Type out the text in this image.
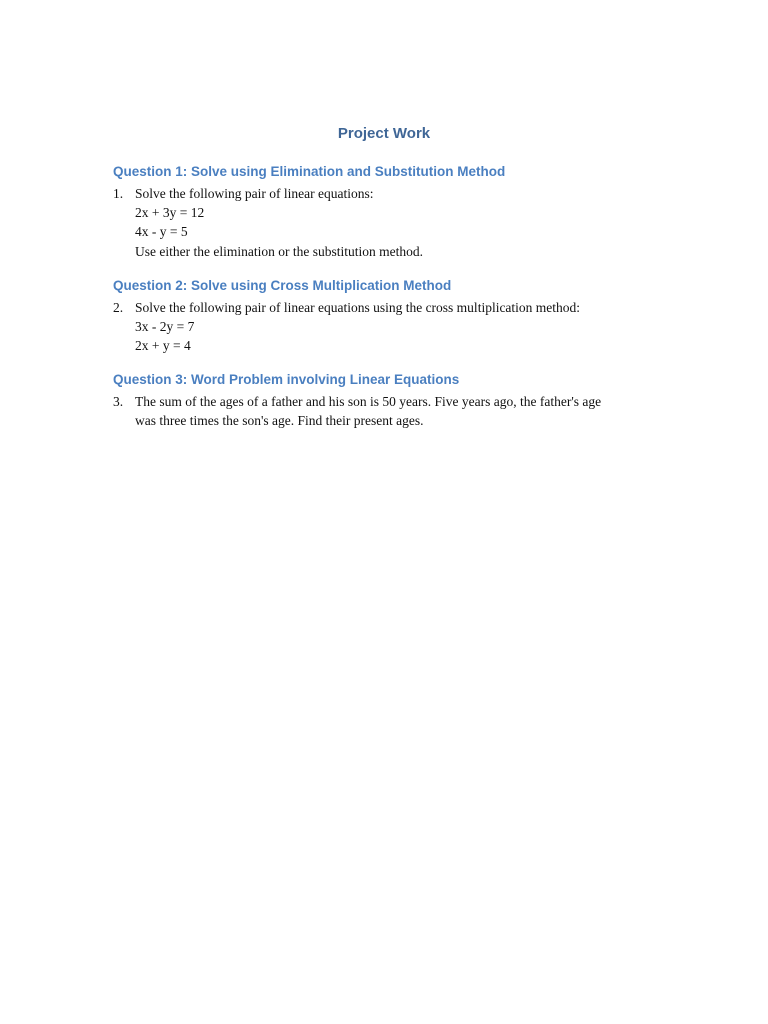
Project Work
Question 1: Solve using Elimination and Substitution Method
1. Solve the following pair of linear equations:
2x + 3y = 12
4x - y = 5
Use either the elimination or the substitution method.
Question 2: Solve using Cross Multiplication Method
2. Solve the following pair of linear equations using the cross multiplication method:
3x - 2y = 7
2x + y = 4
Question 3: Word Problem involving Linear Equations
3. The sum of the ages of a father and his son is 50 years. Five years ago, the father's age
was three times the son's age. Find their present ages.
